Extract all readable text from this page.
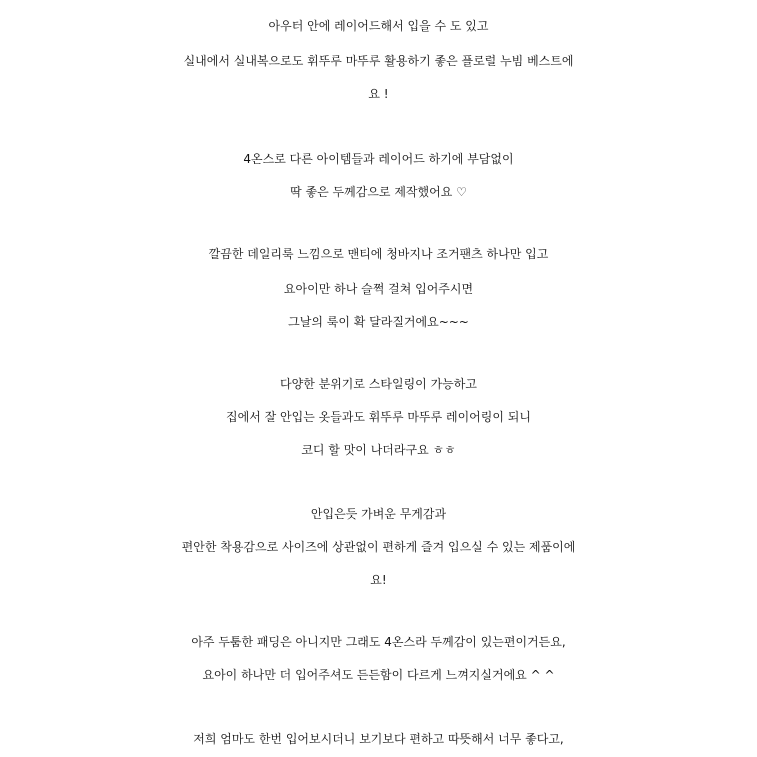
아우터 안에 레이어드해서 입을 수 도 있고
실내에서 실내복으로도 휘뚜루 마뚜루 활용하기 좋은 플로럴 누빔 베스트에
요 !
4온스로 다른 아이템들과 레이어드 하기에 부담없이
딱 좋은 두께감으로 제작했어요 ♡
깔끔한 데일리룩 느낌으로 맨티에 청바지나 조거팬츠 하나만 입고
요아이만 하나 슬쩍 걸쳐 입어주시면
그날의 룩이 확 달라질거에요~~~
다양한 분위기로 스타일링이 가능하고
집에서 잘 안입는 옷들과도 휘뚜루 마뚜루 레이어링이 되니
코디 할 맛이 나더라구요 ㅎㅎ
안입은듯 가벼운 무게감과
편안한 착용감으로 사이즈에 상관없이 편하게 즐겨 입으실 수 있는 제품이에
요!
아주 두툼한 패딩은 아니지만 그래도 4온스라 두께감이 있는편이거든요,
요아이 하나만 더 입어주셔도 든든함이 다르게 느껴지실거에요 ^ ^
저희 엄마도 한번 입어보시더니 보기보다 편하고 따뜻해서 너무 좋다고,
